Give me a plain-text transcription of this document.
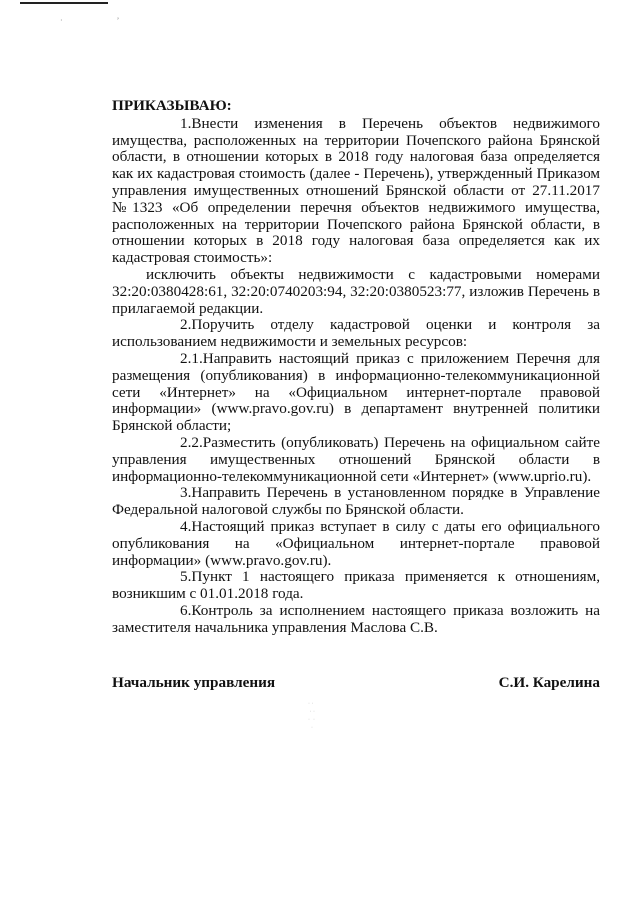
· ’
ПРИКАЗЫВАЮ:

1.Внести изменения в Перечень объектов недвижимого имущества, расположенных на территории Почепского района Брянской области, в отношении которых в 2018 году налоговая база определяется как их кадастровая стоимость (далее - Перечень), утвержденный Приказом управления имущественных отношений Брянской области от 27.11.2017 №1323 «Об определении перечня объектов недвижимого имущества, расположенных на территории Почепского района Брянской области, в отношении которых в 2018 году налоговая база определяется как их кадастровая стоимость»:

исключить объекты недвижимости с кадастровыми номерами 32:20:0380428:61, 32:20:0740203:94, 32:20:0380523:77, изложив Перечень в прилагаемой редакции.

2.Поручить отделу кадастровой оценки и контроля за использованием недвижимости и земельных ресурсов:

2.1.Направить настоящий приказ с приложением Перечня для размещения (опубликования) в информационно-телекоммуникационной сети «Интернет» на «Официальном интернет-портале правовой информации» (www.pravo.gov.ru) в департамент внутренней политики Брянской области;

2.2.Разместить (опубликовать) Перечень на официальном сайте управления имущественных отношений Брянской области в информационно-телекоммуникационной сети «Интернет» (www.uprio.ru).

3.Направить Перечень в установленном порядке в Управление Федеральной налоговой службы по Брянской области.

4.Настоящий приказ вступает в силу с даты его официального опубликования на «Официальном интернет-портале правовой информации» (www.pravo.gov.ru).

5.Пункт 1 настоящего приказа применяется к отношениям, возникшим с 01.01.2018 года.

6.Контроль за исполнением настоящего приказа возложить на заместителя начальника управления Маслова С.В.

Начальник управления	С.И. Карелина
· ·
· ·
·  ·
·
